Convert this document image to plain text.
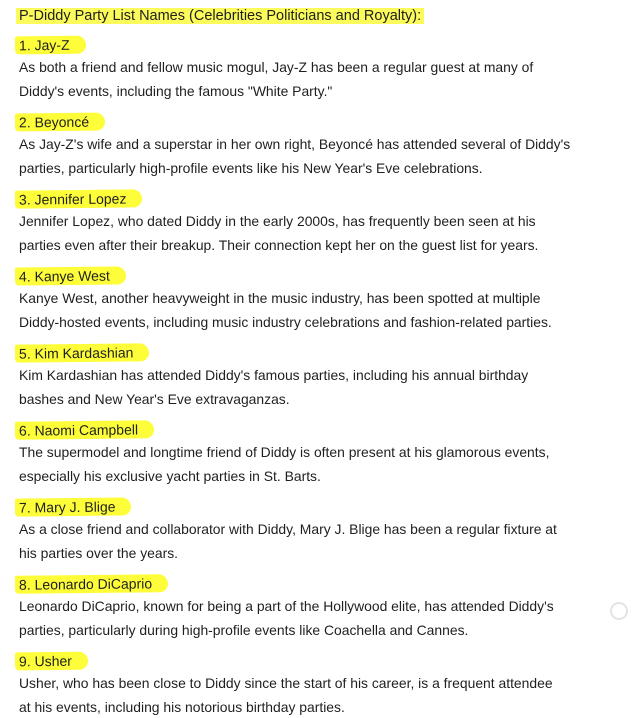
P-Diddy Party List Names (Celebrities Politicians and Royalty):
1. Jay-Z
As both a friend and fellow music mogul, Jay-Z has been a regular guest at many of
Diddy's events, including the famous "White Party."
2. Beyoncé
As Jay-Z's wife and a superstar in her own right, Beyoncé has attended several of Diddy's
parties, particularly high-profile events like his New Year's Eve celebrations.
3. Jennifer Lopez
Jennifer Lopez, who dated Diddy in the early 2000s, has frequently been seen at his
parties even after their breakup. Their connection kept her on the guest list for years.
4. Kanye West
Kanye West, another heavyweight in the music industry, has been spotted at multiple
Diddy-hosted events, including music industry celebrations and fashion-related parties.
5. Kim Kardashian
Kim Kardashian has attended Diddy's famous parties, including his annual birthday
bashes and New Year's Eve extravaganzas.
6. Naomi Campbell
The supermodel and longtime friend of Diddy is often present at his glamorous events,
especially his exclusive yacht parties in St. Barts.
7. Mary J. Blige
As a close friend and collaborator with Diddy, Mary J. Blige has been a regular fixture at
his parties over the years.
8. Leonardo DiCaprio
Leonardo DiCaprio, known for being a part of the Hollywood elite, has attended Diddy's
parties, particularly during high-profile events like Coachella and Cannes.
9. Usher
Usher, who has been close to Diddy since the start of his career, is a frequent attendee
at his events, including his notorious birthday parties.
